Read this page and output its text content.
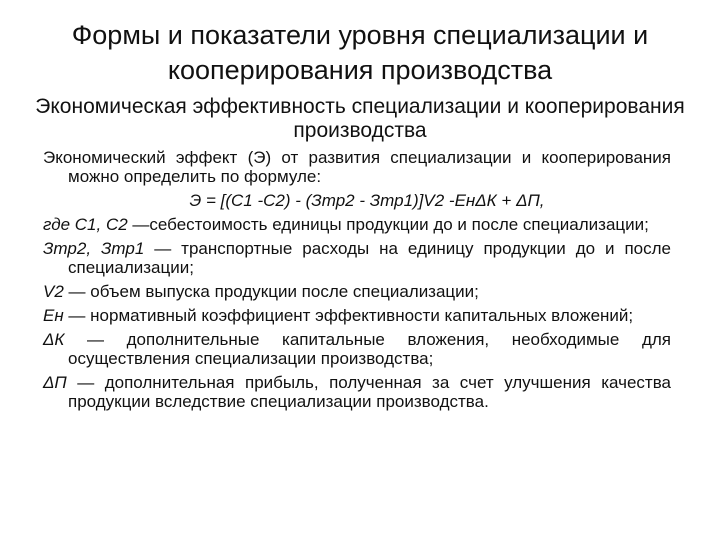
Формы и показатели уровня специализации и кооперирования производства
Экономическая эффективность специализации и кооперирования производства
Экономический эффект (Э) от развития специализации и кооперирования можно определить по формуле:
Э = [(С1 ‑С2) ‑ (Зтр2 ‑ Зтр1)]V2 ‑ЕнΔК + ΔП,
где С1, С2 —себестоимость единицы продукции до и после специализации;
Зтр2, Зтр1 — транспортные расходы на единицу продукции до и после специализации;
V2 — объем выпуска продукции после специализации;
Ен — нормативный коэффициент эффективности капитальных вложений;
ΔК — дополнительные капитальные вложения, необходимые для осуществления специализации производства;
ΔП — дополнительная прибыль, полученная за счет улучшения качества продукции вследствие специализации производства.
